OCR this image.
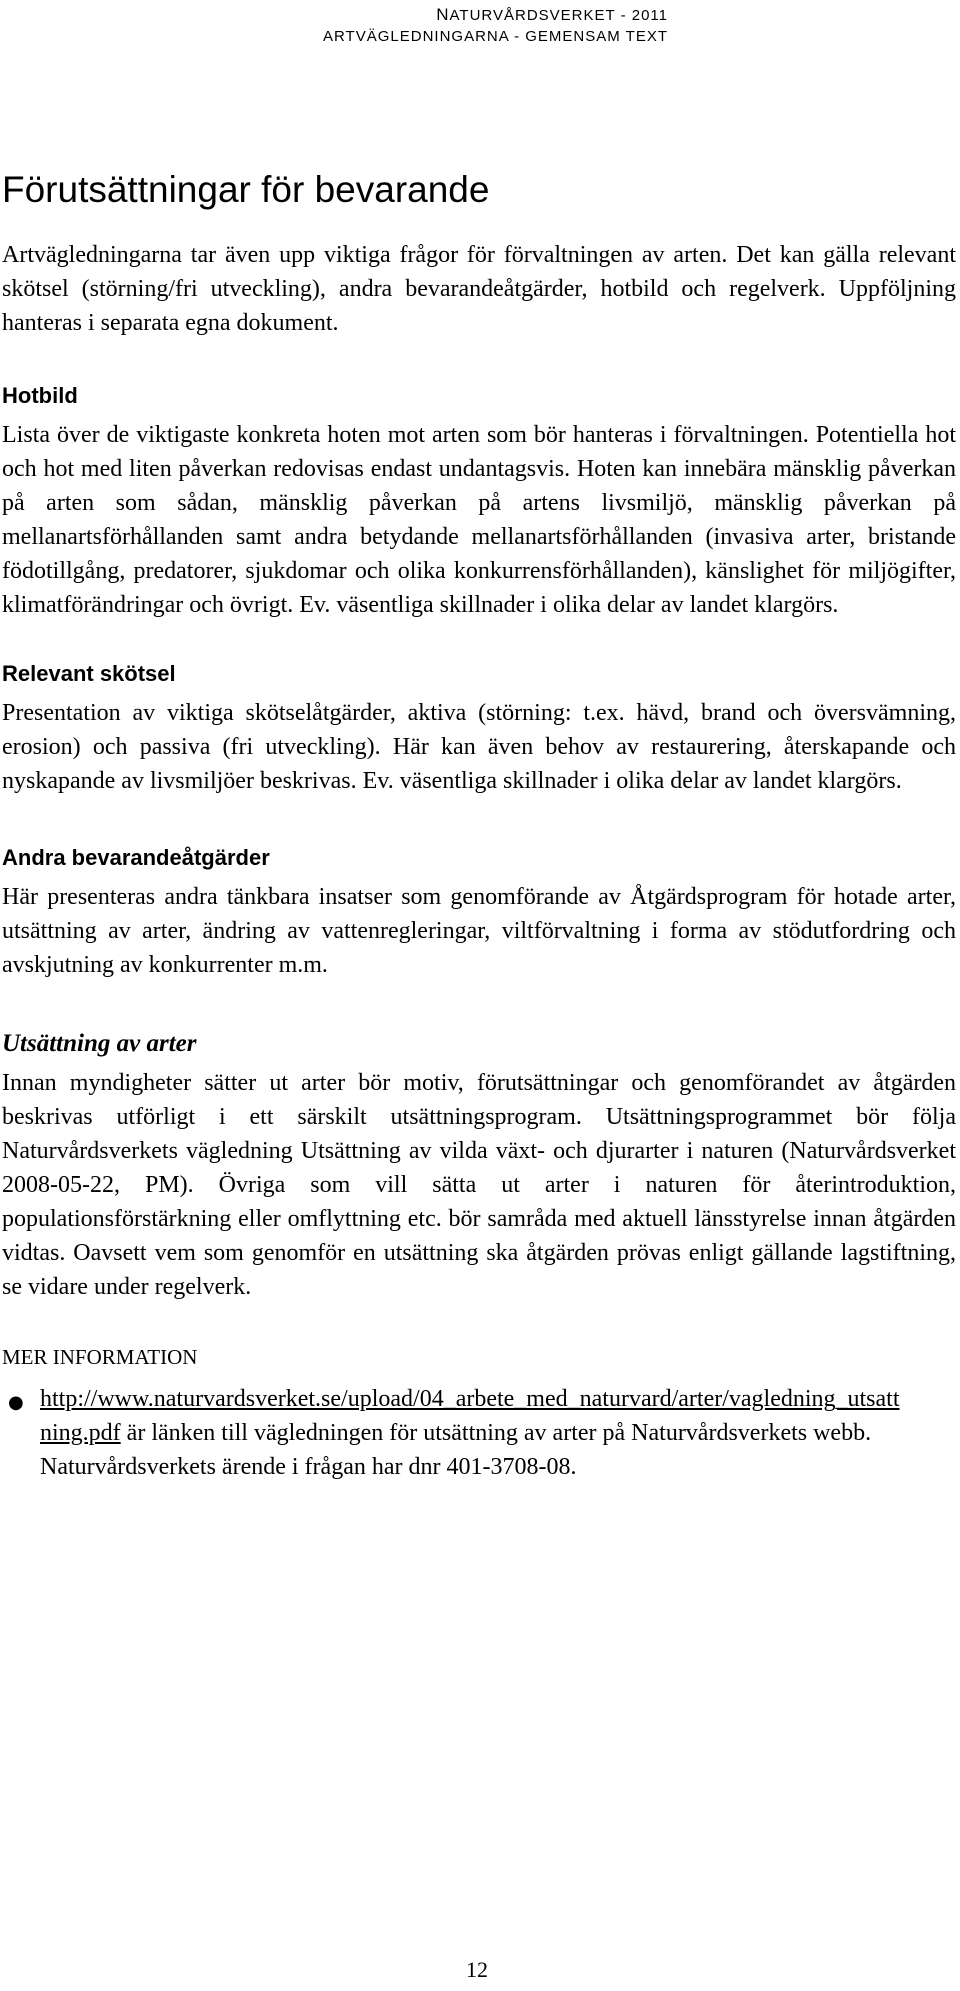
NATURVÅRDSVERKET - 2011
ARTVÄGLEDNINGARNA - GEMENSAM TEXT
Förutsättningar för bevarande

Artvägledningarna tar även upp viktiga frågor för förvaltningen av arten. Det kan gälla relevant skötsel (störning/fri utveckling), andra bevarandeåtgärder, hotbild och regelverk. Uppföljning hanteras i separata egna dokument.

Hotbild

Lista över de viktigaste konkreta hoten mot arten som bör hanteras i förvaltningen. Potentiella hot och hot med liten påverkan redovisas endast undantagsvis. Hoten kan innebära mänsklig påverkan på arten som sådan, mänsklig påverkan på artens livsmiljö, mänsklig påverkan på mellanartsförhållanden samt andra betydande mellanartsförhållanden (invasiva arter, bristande födotillgång, predatorer, sjukdomar och olika konkurrensförhållanden), känslighet för miljögifter, klimatförändringar och övrigt. Ev. väsentliga skillnader i olika delar av landet klargörs.

Relevant skötsel

Presentation av viktiga skötselåtgärder, aktiva (störning: t.ex. hävd, brand och översvämning, erosion) och passiva (fri utveckling). Här kan även behov av restaurering, återskapande och nyskapande av livsmiljöer beskrivas. Ev. väsentliga skillnader i olika delar av landet klargörs.

Andra bevarandeåtgärder

Här presenteras andra tänkbara insatser som genomförande av Åtgärdsprogram för hotade arter, utsättning av arter, ändring av vattenregleringar, viltförvaltning i forma av stödutfordring och avskjutning av konkurrenter m.m.

Utsättning av arter

Innan myndigheter sätter ut arter bör motiv, förutsättningar och genomförandet av åtgärden beskrivas utförligt i ett särskilt utsättningsprogram. Utsättningsprogrammet bör följa Naturvårdsverkets vägledning Utsättning av vilda växt- och djurarter i naturen (Naturvårdsverket 2008-05-22, PM). Övriga som vill sätta ut arter i naturen för återintroduktion, populationsförstärkning eller omflyttning etc. bör samråda med aktuell länsstyrelse innan åtgärden vidtas. Oavsett vem som genomför en utsättning ska åtgärden prövas enligt gällande lagstiftning, se vidare under regelverk.

MER INFORMATION
● http://www.naturvardsverket.se/upload/04_arbete_med_naturvard/arter/vagledning_utsattning.pdf är länken till vägledningen för utsättning av arter på Naturvårdsverkets webb. Naturvårdsverkets ärende i frågan har dnr 401-3708-08.

12
